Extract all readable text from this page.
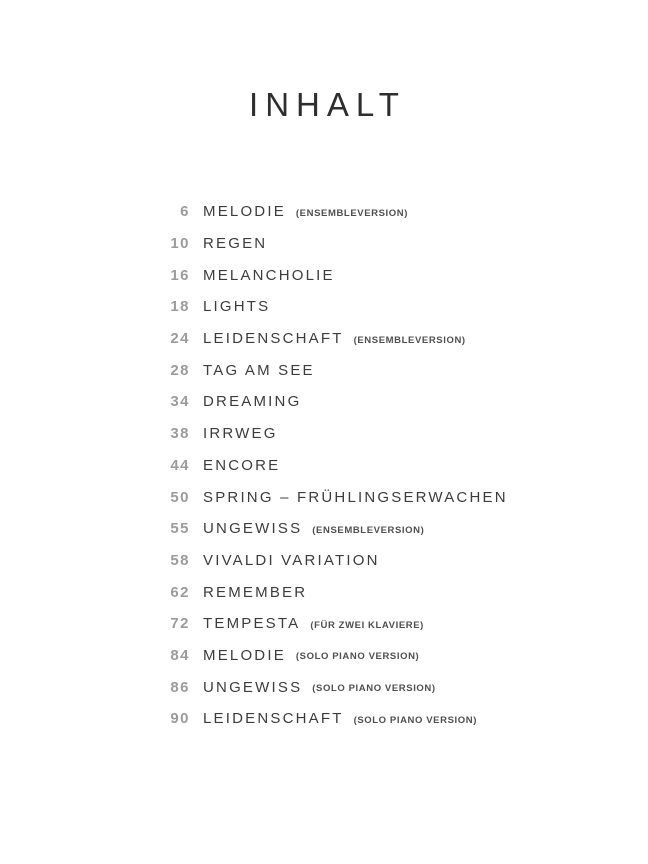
INHALT
6 MELODIE (ENSEMBLEVERSION)
10 REGEN
16 MELANCHOLIE
18 LIGHTS
24 LEIDENSCHAFT (ENSEMBLEVERSION)
28 TAG AM SEE
34 DREAMING
38 IRRWEG
44 ENCORE
50 SPRING – FRÜHLINGSERWACHEN
55 UNGEWISS (ENSEMBLEVERSION)
58 VIVALDI VARIATION
62 REMEMBER
72 TEMPESTA (FÜR ZWEI KLAVIERE)
84 MELODIE (SOLO PIANO VERSION)
86 UNGEWISS (SOLO PIANO VERSION)
90 LEIDENSCHAFT (SOLO PIANO VERSION)
